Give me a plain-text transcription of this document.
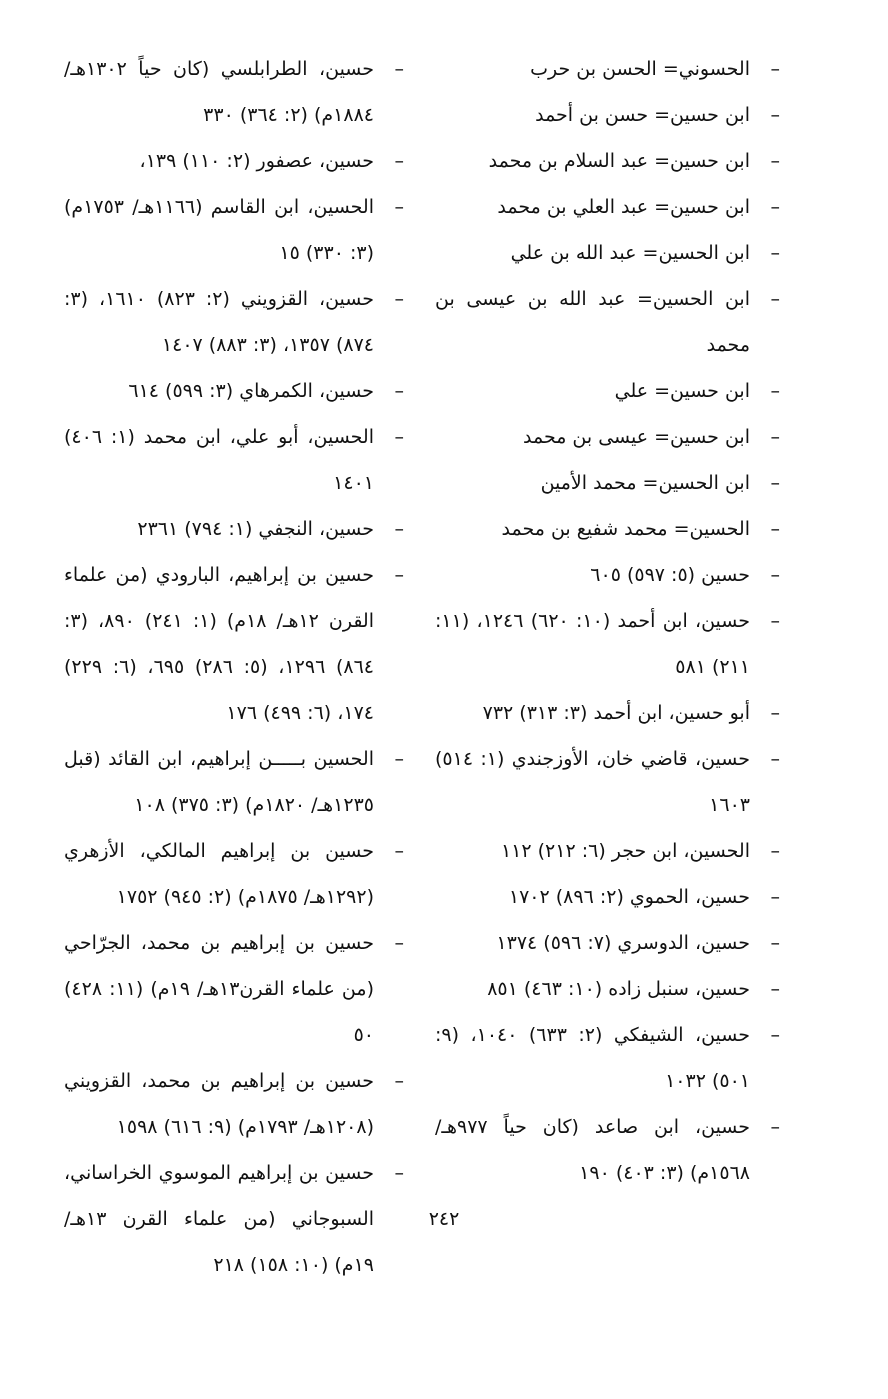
–
الحسوني= الحسن بن حرب
–
ابن حسين= حسن بن أحمد
–
ابن حسين= عبد السلام بن محمد
–
ابن حسين= عبد العلي بن محمد
–
ابن الحسين= عبد الله بن علي
–
ابن الحسين= عبد الله بن عيسى بن محمد
–
ابن حسين= علي
–
ابن حسين= عيسى بن محمد
–
ابن الحسين= محمد الأمين
–
الحسين= محمد شفيع بن محمد
–
حسين (٥: ٥٩٧) ٦٠٥
–
حسين، ابن أحمد (١٠: ٦٢٠) ١٢٤٦، (١١: ٢١١) ٥٨١
–
أبو حسين، ابن أحمد (٣: ٣١٣) ٧٣٢
–
حسين، قاضي خان، الأوزجندي (١: ٥١٤) ١٦٠٣
–
الحسين، ابن حجر (٦: ٢١٢) ١١٢
–
حسين، الحموي (٢: ٨٩٦) ١٧٠٢
–
حسين، الدوسري (٧: ٥٩٦) ١٣٧٤
–
حسين، سنبل زاده (١٠: ٤٦٣) ٨٥١
–
حسين، الشيفكي (٢: ٦٣٣) ١٠٤٠، (٩: ٥٠١) ١٠٣٢
–
حسين، ابن صاعد (كان حياً ٩٧٧هـ/ ١٥٦٨م) (٣: ٤٠٣) ١٩٠
–
حسين، الطرابلسي (كان حياً ١٣٠٢هـ/ ١٨٨٤م) (٢: ٣٦٤) ٣٣٠
–
حسين، عصفور (٢: ١١٠) ١٣٩،
–
الحسين، ابن القاسم (١١٦٦هـ/ ١٧٥٣م) (٣: ٣٣٠) ١٥
–
حسين، القزويني (٢: ٨٢٣) ١٦١٠، (٣: ٨٧٤) ١٣٥٧، (٣: ٨٨٣) ١٤٠٧
–
حسين، الكمرهاي (٣: ٥٩٩) ٦١٤
–
الحسين، أبو علي، ابن محمد (١: ٤٠٦) ١٤٠١
–
حسين، النجفي (١: ٧٩٤) ٢٣٦١
–
حسين بن إبراهيم، البارودي (من علماء القرن ١٢هـ/ ١٨م) (١: ٢٤١) ٨٩٠، (٣: ٨٦٤) ١٢٩٦، (٥: ٢٨٦) ٦٩٥، (٦: ٢٢٩) ١٧٤، (٦: ٤٩٩) ١٧٦
–
الحسين بـــــن إبراهيم، ابن القائد (قبل ١٢٣٥هـ/ ١٨٢٠م) (٣: ٣٧٥) ١٠٨
–
حسين بن إبراهيم المالكي، الأزهري (١٢٩٢هـ/ ١٨٧٥م) (٢: ٩٤٥) ١٧٥٢
–
حسين بن إبراهيم بن محمد، الجرّاحي (من علماء القرن١٣هـ/ ١٩م) (١١: ٤٢٨) ٥٠
–
حسين بن إبراهيم بن محمد، القزويني (١٢٠٨هـ/ ١٧٩٣م) (٩: ٦١٦) ١٥٩٨
–
حسين بن إبراهيم الموسوي الخراساني، السبوجاني (من علماء القرن ١٣هـ/ ١٩م) (١٠: ١٥٨) ٢١٨
٢٤٢
